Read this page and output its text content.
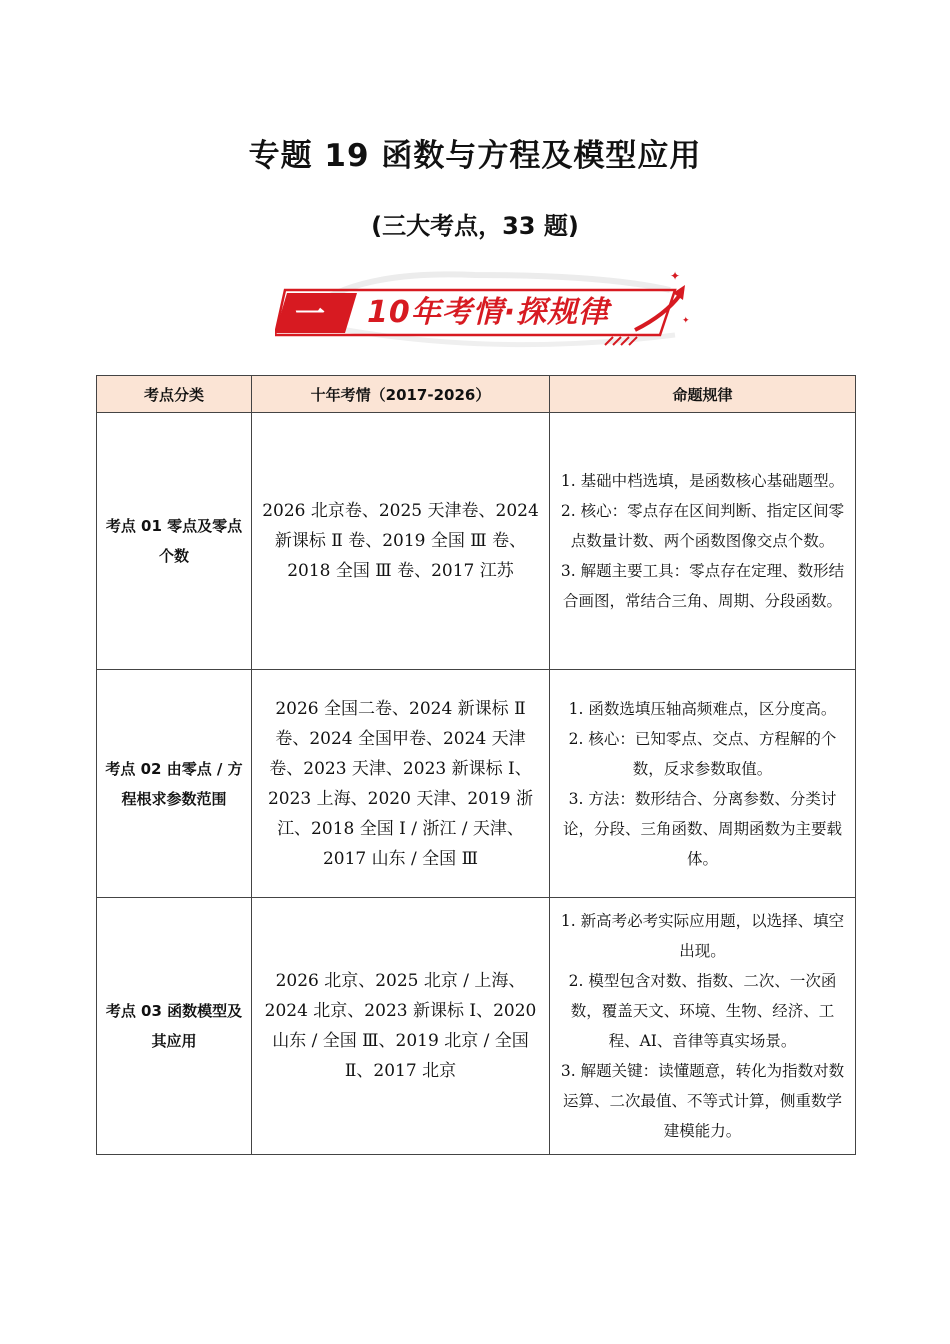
专题 19 函数与方程及模型应用
(三大考点，33 题)
✦
✦
一 10年考情·探规律
考点分类	十年考情（2017-2026）	命题规律
考点 01 零点及零点个数	2026 北京卷、2025 天津卷、2024 新课标 Ⅱ 卷、2019 全国 Ⅲ 卷、2018 全国 Ⅲ 卷、2017 江苏	1. 基础中档选填，是函数核心基础题型。

2. 核心：零点存在区间判断、指定区间零点数量计数、两个函数图像交点个数。

3. 解题主要工具：零点存在定理、数形结合画图，常结合三角、周期、分段函数。

考点 02 由零点 / 方程根求参数范围	2026 全国二卷、2024 新课标 Ⅱ 卷、2024 全国甲卷、2024 天津卷、2023 天津、2023 新课标 Ⅰ、2023 上海、2020 天津、2019 浙江、2018 全国 Ⅰ / 浙江 / 天津、2017 山东 / 全国 Ⅲ	1. 函数选填压轴高频难点，区分度高。

2. 核心：已知零点、交点、方程解的个数，反求参数取值。

3. 方法：数形结合、分离参数、分类讨论，分段、三角函数、周期函数为主要载体。

考点 03 函数模型及其应用	2026 北京、2025 北京 / 上海、2024 北京、2023 新课标 Ⅰ、2020 山东 / 全国 Ⅲ、2019 北京 / 全国 Ⅱ、2017 北京	1. 新高考必考实际应用题，以选择、填空出现。

2. 模型包含对数、指数、二次、一次函数，覆盖天文、环境、生物、经济、工程、AI、音律等真实场景。

3. 解题关键：读懂题意，转化为指数对数运算、二次最值、不等式计算，侧重数学建模能力。
